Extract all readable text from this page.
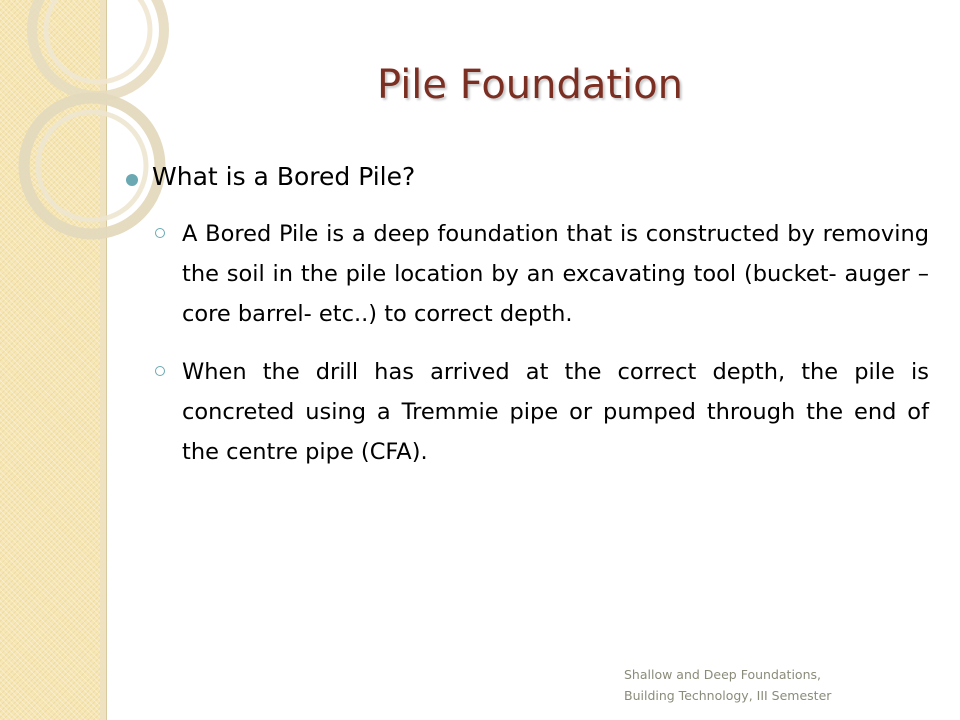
Pile Foundation
What is a Bored Pile?
A Bored Pile is a deep foundation that is constructed by removing the soil in the pile location by an excavating tool (bucket- auger – core barrel- etc..) to correct depth.
When the drill has arrived at the correct depth, the pile is concreted using a Tremmie pipe or pumped through the end of the centre pipe (CFA).
Shallow and Deep Foundations,
Building Technology, III Semester
